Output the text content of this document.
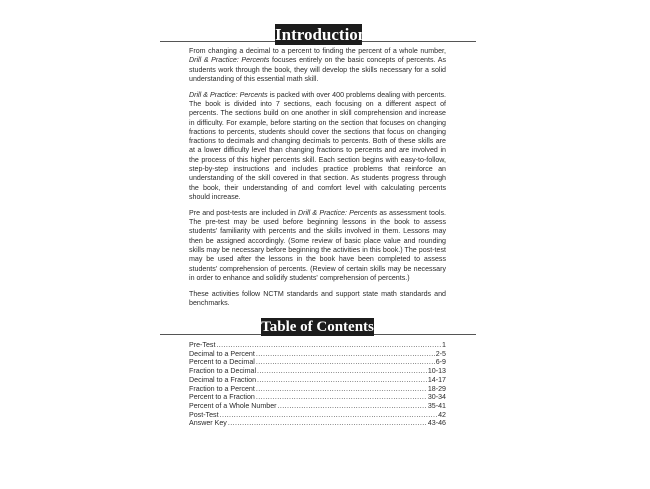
Introduction

From changing a decimal to a percent to finding the percent of a whole number, Drill & Practice: Percents focuses entirely on the basic concepts of percents. As students work through the book, they will develop the skills necessary for a solid understanding of this essential math skill.

Drill & Practice: Percents is packed with over 400 problems dealing with percents. The book is divided into 7 sections, each focusing on a different aspect of percents. The sections build on one another in skill comprehension and increase in difficulty. For example, before starting on the section that focuses on changing fractions to percents, students should cover the sections that focus on changing fractions to decimals and changing decimals to percents. Both of these skills are at a lower difficulty level than changing fractions to percents and are involved in the process of this higher percents skill. Each section begins with easy-to-follow, step-by-step instructions and includes practice problems that reinforce an understanding of the skill covered in that section. As students progress through the book, their understanding of and comfort level with calculating percents should increase.

Pre and post-tests are included in Drill & Practice: Percents as assessment tools. The pre-test may be used before beginning lessons in the book to assess students' familiarity with percents and the skills involved in them. Lessons may then be assigned accordingly. (Some review of basic place value and rounding skills may be necessary before beginning the activities in this book.) The post-test may be used after the lessons in the book have been completed to assess students' comprehension of percents. (Review of certain skills may be necessary in order to enhance and solidify students' comprehension of percents.)

These activities follow NCTM standards and support state math standards and benchmarks.

Table of Contents
Pre-Test .....	1
Decimal to a Percent .....	2-5
Percent to a Decimal .....	6-9
Fraction to a Decimal .....	10-13
Decimal to a Fraction .....	14-17
Fraction to a Percent .....	18-29
Percent to a Fraction .....	30-34
Percent of a Whole Number .....	35-41
Post-Test .....	42
Answer Key .....	43-46
